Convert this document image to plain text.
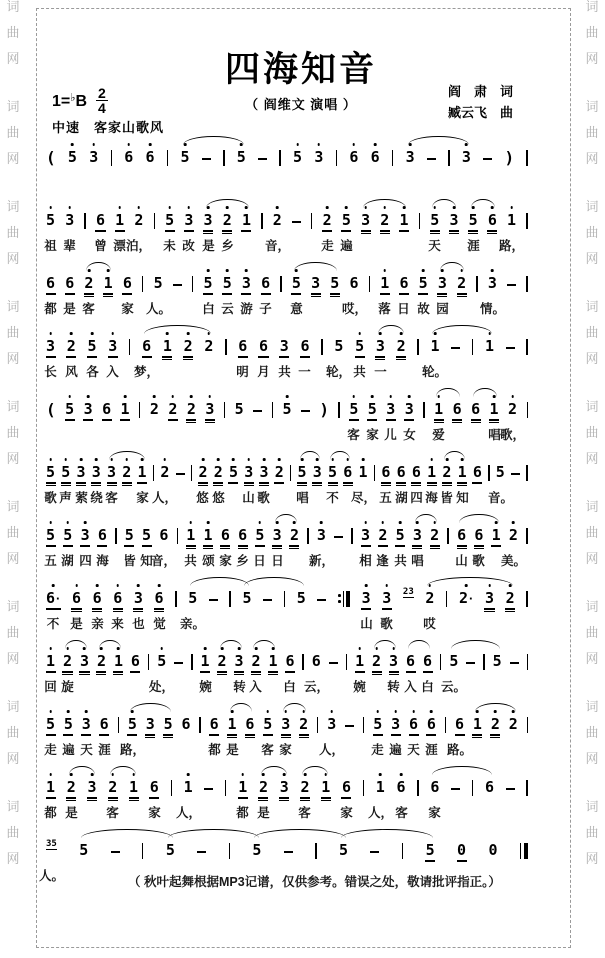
词
曲
网
词
曲
网
词
曲
网
词
曲
网
词
曲
网
词
曲
网
词
曲
网
词
曲
网
词
曲
网
词
曲
网
词
曲
网
词
曲
网
词
曲
网
词
曲
网
词
曲
网
词
曲
网
词
曲
网
词
曲
网
四海知音
（ 阎维文 演唱 ）
阎　肃　词
臧云飞　曲
$1=^♭B \frac{2}{4}$
中速　客家山歌风
( 5 3 6 6 5	5	5 3 6 6 3	3 )
5 3 6 1 2 5 3 3 2 1 2	2 5 3 2 1 5 3 5 6 1
祖 辈 曾 漂 泊， 未 改 是 乡 音， 走 遍	天 涯 路，
6 6 2 1 6 5	5 5 3 6 5 3 5 6 1 6 5 3 2 3
都 是 客 家 人。 白 云 游 子 意	哎， 落 日 故 园 情。
3 2 5 3 6 1 2 2 6 6 3 6 5 5 3 2 1	1
长 风 各 入 梦，	明 月 共 一 轮， 共 一	轮。
( 5 3 6 1 2 2 2 3 5	5 ) 5 5 3 3 1 6 6 1 2
客 家 儿 女 爱	唱 歌，
5 5 3 3 3 2 1 2 2 2 5 3 3 2 5 3 5 6 1 6 6 6 1 2 1 6 5
歌 声 萦 绕 客 家 人， 悠 悠 山 歌 唱 不 尽， 五 湖 四 海 皆 知 音。
5 5 3 6 5 5 6 1 1 6 6 5 3 2 3 3 2 5 3 2 6 6 1 2
五 湖 四 海 皆 知
音， 共 颂 家 乡 日 日 新， 相 逢 共 唱	山 歌 美。
6· 6 6 6 3 6 5	5	5	3 3 23 2 2· 3 2
不 是 亲 来 也 觉 亲。	山 歌 哎
1 2 3 2 1 6 5 1 2 3 2 1 6 6 1 2 3 6 6 5 5
回 旋	处， 婉 转 入 白 云， 婉 转 入 白 云。
5 5 3 6 5 3 5 6 6 1 6 5 3 2 3 5 3 6 6 6 1 2 2
走 遍 天 涯 路，	都 是 客 家 人， 走 遍 天 涯 路。
1 2 3 2 1 6 1	1 2 3 2 1 6 1 6 6	6
都 是 客 家 人，	都 是 客 家 人， 客 家
35 5	5	5	5	5 0 0
人。	（ 秋叶起舞根据MP3记谱，仅供参考。错误之处，敬请批评指正。）
